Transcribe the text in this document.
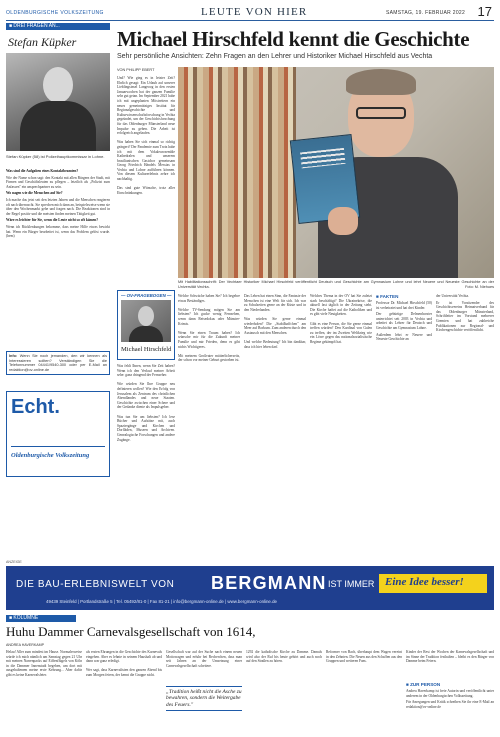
OLDENBURGISCHE VOLKSZEITUNG	LEUTE VON HIER	SAMSTAG, 19. FEBRUAR 2022 17
■ DREI FRAGEN AN...
Stefan Küpker
Stefan Küpker (58) ist Polizeihauptkommissar in Lohne.

Was sind die Aufgaben eines Kontaktbeamten?

Wie der Name schon sagt: den Kontakt mit allen Bürgern der Stadt, mit Firmen und Geschäftsleuten zu pflegen – letztlich als „Polizist zum Anfassen" ein ansprechpartner zu sein.

Wo nagen wie die Menschen auf Sie?

Ich mache das jetzt seit den letzten Jahren und die Menschen reagieren oft nach überrascht. Sie sprechen mich dann an, beispielsweise wenn sie über den Wochenmarkt gehe und fragen nach. Die Reaktionen sind in der Regel positiv und die meisten finden meinen Tätigkeit gut.

Wäre es leichter für Sie, wenn die Leute nicht so oft kämen?

Wenn ich Rücklenkungen bekomme, dass meine Hilfe etwas bewirkt hat. Wenn ein Bürger bearbeitet ist, wenn das Problem gelöst wurde. (hem)

Info: Wenn Sie noch jemanden, den wir kennen als Interessieren sollten? Verständigen Sie die Telefonnummer 04441/9540-300 oder per E-Mail an redaktion@ov-online.de
Echt.
Oldenburgische Volkszeitung
Michael Hirschfeld kennt die Geschichte
Sehr persönliche Ansichten: Zehn Fragen an den Lehrer und Historiker Michael Hirschfeld aus Vechta
VON PHILIPP EBERT

Und? Wie ging es in letzter Zeit? Ehrlich gesagt: Ein Urlaub auf unserer Lieblingsinsel Langeoog in den ersten Januarwochen hat der ganzen Familie sehr gut getan. Im September 2021 habe ich mit ungeplanten Mitstreitern ein neues gemeinnütziges Institut für Regionalgeschichte und Kulturwissenschaftsforschung in Vechta gegründet, um der Geschichtsforschung für das Oldenburger Münsterland neue Impulse zu geben. Die Arbeit ist erfolgreich angelaufen.

Was haben Sie sich einmal so richtig geärgert? Der Pandemie zum Trotz habe ich mit dem Vokaleurosemble Kathedralen und unserem brasilianischen Gastchor gemeinsam Georg Friedrich Händels Messias in Vechta und Lohne aufführen können. Von diesem Kulturerlebnis zehre ich nachhaltig.

Das sind gute Wünsche, trotz aller Einschränkungen.

Mit Habilitationsschrift: Der Vechtaer Historiker Michael Hirschfeld veröffentlicht Deutsch und Geschichte am Gymnasium Lohne und lehrt Neuere und Neueste Geschichte an der Universität Vechta.	Foto: M. Niehues
— OV-FRAGEBOGEN —
Michael Hirschfeld

Was fehlt Ihnen, wenn Sie Zeit haben? Wenn ich den Verlauf meiner Arbeit sehe: ganz dringend der Fernseher.

Wie würden Sie Ihre Gruppe neu definieren wollen? Wie den Erfolg von Jerusalem als Zentrum des christlichen Abendlandes und neue Staaten. Geschichte zwischen einer Schere und der Gedanke diente als Impulsgeber.

Was tun Sie am liebsten? Ich lese Bücher und Aufsätze mit, auch Spaziergänge und Kirchen und Dorfläden, Museen und Archiven. Genealogische Forschungen und andere Zugänge.

Welche Schwäche haben Sie? Ich begehre etwas Beständiges.

Welche TV-Sendung mögen Sie am liebsten? Ich gucke wenig Fernsehen, wenn dann Reisedokus oder Münster-Krimis.

Wenn Sie einen Traum haben? Ich wünsche mir für die Zukunft meiner Familie und mir Frieden, denn es gibt nichts Wichtigeres.

Mit meinem Großvater mütterlicherseits, der schon vor meiner Geburt gestorben ist.

Das Leben hat einen Sinn, die Fantasie der Menschen ist eine Welt für sich. Ich war zu Schulzeiten gerne an der Küste und in den Niederlanden.

Was würden Sie gerne einmal wiederholen? Die „Stabilbaffchen" am Meer auf Borkum. Zum anderen durch den Austausch mit den Menschen.

Und welche Bedeutung? Ich bin dankbar, dass ich hier leben darf.

Welches Thema in der OV hat Sie zuletzt stark beschäftigt? Die Ukrainekrise, die aktuell fast täglich in der Zeitung steht. Die Kirche haftet auf die Katholiken und es gibt viele Neuigkeiten.

Gibt es eine Person, die Sie gerne einmal treffen würden? Den Kardinal von Galen zu treffen, der im Zweiten Weltkrieg wie ein Löwe gegen das nationalsozialistische Regime gekämpft hat.

■ FAKTEN

Professor Dr. Michael Hirschfeld (50) ist verheiratet und hat drei Kinder.

Der gebürtige Delmenhorster unterrichtet seit 2003 in Vechta und arbeitet als Lehrer für Deutsch und Geschichte am Gymnasium Lohne.

Außerdem lehrt er Neuere und Neueste Geschichte an

der Universität Vechta.

Er ist Vorsitzender des Geschichtsvereins Heimatverbund für das Oldenburger Münsterland, Schriftleiter im Vorstand mehrerer Gremien und hat zahlreiche Publikationen zur Regional- und Kirchengeschichte veröffentlicht.

ANZEIGE
DIE BAU-ERLEBNISWELT VON BERGMANN IST IMMER Eine Idee besser!
49439 Steinfeld | Portlandstraße 5 | Tel. 05492/81-0 | Fax 81-21 | info@bergmann-online.de | www.bergmann-online.de
■ KOLUMNE
Huhu Dammer Carnevalsgesellschaft von 1614,
ANDREA HAVERKAMP
Helau! Aller zum mindest im Hause. Normalerweise würde ich mich nämlich am Samstag gegen 21 Uhr mit meinen Narrenpacks auf Eiffenflügels von Köln in die Dammer Innenstadt begeben, um dort mit ausgehaltenem meine erste Kehrung... Aber dafür gibt es keine Karnevalsfeier.
als ersten Ehrungen in die Geschichte des Karnevals eingehen. Aber es lehnte in seinem Haushalt ab und dann war ganz erledigt.

Wer sagt, dass Karnevalisten den ganzen Abend bis zum Morgen feiern, der kennt die Gruppe nicht.
Gesellschaft war auf der Suche nach einem neuen Mottowagen und erfuhr bei Recherchen, dass man seit Jahren an der Umsetzung einer Carnevalsgesellschaft scheitere.
„Tradition heißt nicht die Asche zu bewahren, sondern die Weitergabe des Feuers."
1292 die katholische Kirche zu Damme. Damals wird also der Ruf bis heute gehört und auch noch auf den Straßen zu hören.
Reformer von Bach, überhaupt dem Wagen vereint in den Zehnten. Die Neuen aus den Schaffen aus den Gruppen und weiteren Fans.
Kinder der Rest der Wochen der Karnevalsgesellschaft und im Sinne der Tradition festhalten – bleibt es den Bürger von Damme beim Feiern.
■ ZUR PERSON

Andrea Haverkamp ist freie Autorin und veröffentlicht unter anderem in der Oldenburgischen Volkszeitung.

Für Anregungen und Kritik schreiben Sie ihr eine E-Mail an redaktion@ov-online.de
